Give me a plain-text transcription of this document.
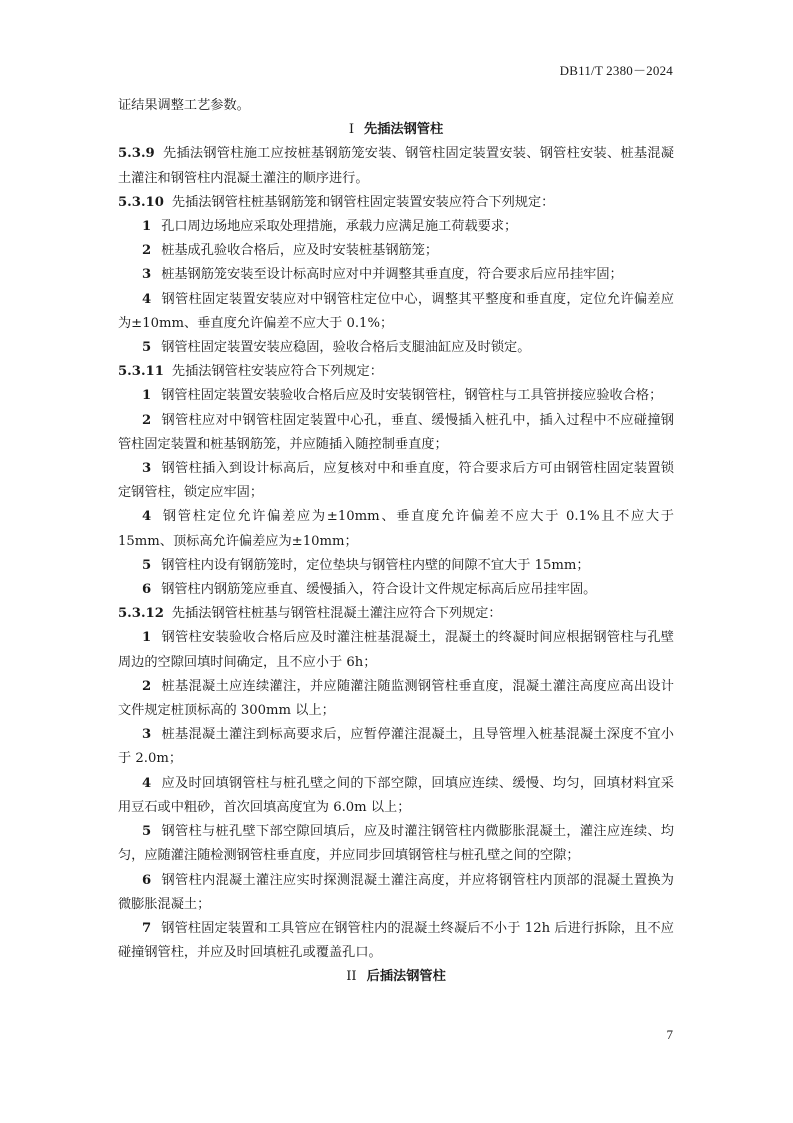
DB11/T 2380－2024

证结果调整工艺参数。

I 先插法钢管柱

5.3.9 先插法钢管柱施工应按桩基钢筋笼安装、钢管柱固定装置安装、钢管柱安装、桩基混凝土灌注和钢管柱内混凝土灌注的顺序进行。

5.3.10 先插法钢管柱桩基钢筋笼和钢管柱固定装置安装应符合下列规定：

1 孔口周边场地应采取处理措施，承载力应满足施工荷载要求；

2 桩基成孔验收合格后，应及时安装桩基钢筋笼；

3 桩基钢筋笼安装至设计标高时应对中并调整其垂直度，符合要求后应吊挂牢固；

4 钢管柱固定装置安装应对中钢管柱定位中心，调整其平整度和垂直度，定位允许偏差应为±10mm、垂直度允许偏差不应大于 0.1%；

5 钢管柱固定装置安装应稳固，验收合格后支腿油缸应及时锁定。

5.3.11 先插法钢管柱安装应符合下列规定：

1 钢管柱固定装置安装验收合格后应及时安装钢管柱，钢管柱与工具管拼接应验收合格；

2 钢管柱应对中钢管柱固定装置中心孔，垂直、缓慢插入桩孔中，插入过程中不应碰撞钢管柱固定装置和桩基钢筋笼，并应随插入随控制垂直度；

3 钢管柱插入到设计标高后，应复核对中和垂直度，符合要求后方可由钢管柱固定装置锁定钢管柱，锁定应牢固；

4 钢管柱定位允许偏差应为±10mm、垂直度允许偏差不应大于 0.1%且不应大于 15mm、顶标高允许偏差应为±10mm；

5 钢管柱内设有钢筋笼时，定位垫块与钢管柱内壁的间隙不宜大于 15mm；

6 钢管柱内钢筋笼应垂直、缓慢插入，符合设计文件规定标高后应吊挂牢固。

5.3.12 先插法钢管柱桩基与钢管柱混凝土灌注应符合下列规定：

1 钢管柱安装验收合格后应及时灌注桩基混凝土，混凝土的终凝时间应根据钢管柱与孔壁周边的空隙回填时间确定，且不应小于 6h；

2 桩基混凝土应连续灌注，并应随灌注随监测钢管柱垂直度，混凝土灌注高度应高出设计文件规定桩顶标高的 300mm 以上；

3 桩基混凝土灌注到标高要求后，应暂停灌注混凝土，且导管埋入桩基混凝土深度不宜小于 2.0m；

4 应及时回填钢管柱与桩孔壁之间的下部空隙，回填应连续、缓慢、均匀，回填材料宜采用豆石或中粗砂，首次回填高度宜为 6.0m 以上；

5 钢管柱与桩孔壁下部空隙回填后，应及时灌注钢管柱内微膨胀混凝土，灌注应连续、均匀，应随灌注随检测钢管柱垂直度，并应同步回填钢管柱与桩孔壁之间的空隙；

6 钢管柱内混凝土灌注应实时探测混凝土灌注高度，并应将钢管柱内顶部的混凝土置换为微膨胀混凝土；

7 钢管柱固定装置和工具管应在钢管柱内的混凝土终凝后不小于 12h 后进行拆除，且不应碰撞钢管柱，并应及时回填桩孔或覆盖孔口。

II 后插法钢管柱

7
